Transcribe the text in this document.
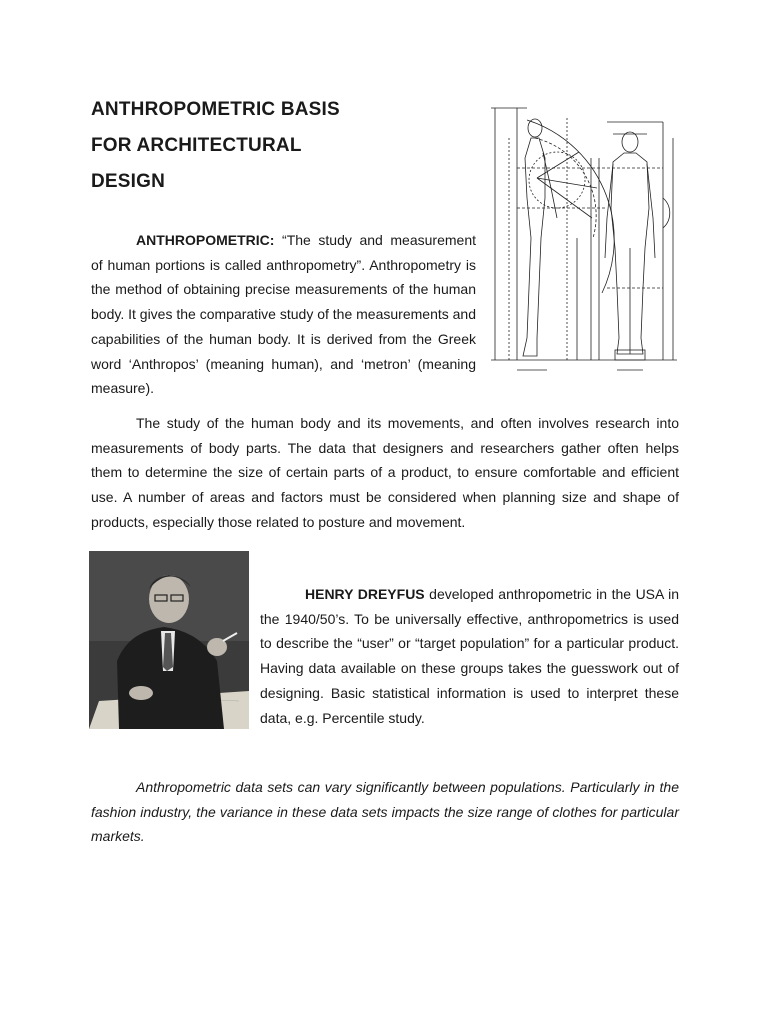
ANTHROPOMETRIC BASIS
FOR ARCHITECTURAL
DESIGN

ANTHROPOMETRIC: “The study and measurement of human portions is called anthropometry”. Anthropometry is the method of obtaining precise measurements of the human body. It gives the comparative study of the measurements and capabilities of the human body. It is derived from the Greek word ‘Anthropos’ (meaning human), and ‘metron’ (meaning measure).

The study of the human body and its movements, and often involves research into measurements of body parts. The data that designers and researchers gather often helps them to determine the size of certain parts of a product, to ensure comfortable and efficient use. A number of areas and factors must be considered when planning size and shape of products, especially those related to posture and movement.

HENRY DREYFUS developed anthropometric in the USA in the 1940/50’s. To be universally effective, anthropometrics is used to describe the “user” or “target population” for a particular product. Having data available on these groups takes the guesswork out of designing. Basic statistical information is used to interpret these data, e.g. Percentile study.

Anthropometric data sets can vary significantly between populations. Particularly in the fashion industry, the variance in these data sets impacts the size range of clothes for particular markets.
